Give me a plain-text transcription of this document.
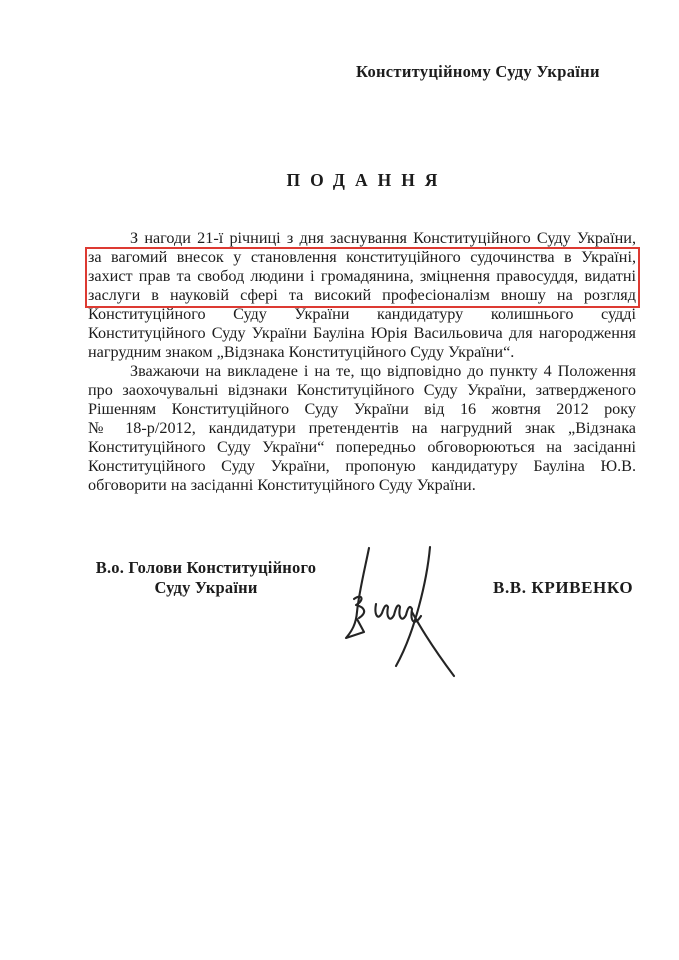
Конституційному Суду України
ПОДАННЯ
З нагоди 21-ї річниці з дня заснування Конституційного Суду України,
за вагомий внесок у становлення конституційного судочинства в Україні,
захист прав та свобод людини і громадянина, зміцнення правосуддя, видатні
заслуги в науковій сфері та високий професіоналізм вношу на розгляд
Конституційного Суду України кандидатуру колишнього судді
Конституційного Суду України Бауліна Юрія Васильовича для нагородження
нагрудним знаком „Відзнака Конституційного Суду України“.
Зважаючи на викладене і на те, що відповідно до пункту 4 Положення
про заохочувальні відзнаки Конституційного Суду України, затвердженого
Рішенням Конституційного Суду України від 16 жовтня 2012 року
№ 18-р/2012, кандидатури претендентів на нагрудний знак „Відзнака
Конституційного Суду України“ попередньо обговорюються на засіданні
Конституційного Суду України, пропоную кандидатуру Бауліна Ю.В.
обговорити на засіданні Конституційного Суду України.
В.о. Голови Конституційного
Суду України	В.В. КРИВЕНКО
